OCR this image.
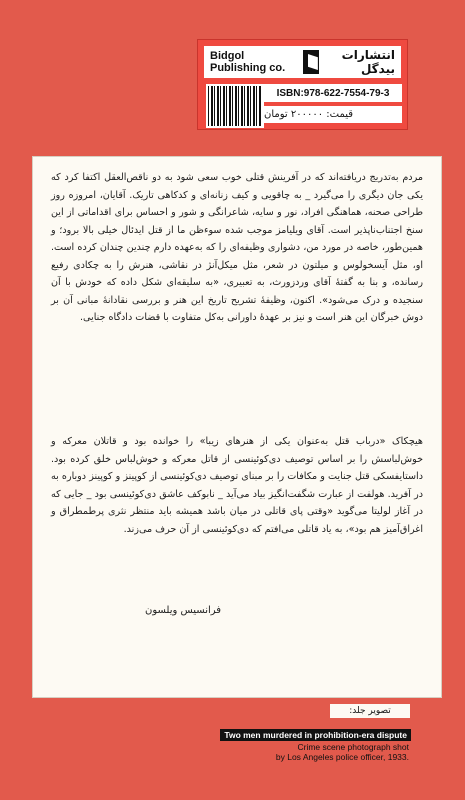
Bidgol Publishing co.
انتشارات بیدگل
ISBN:978-622-7554-79-3
قیمت: ۲۰۰۰۰۰ تومان
مردم به‌تدریج دریافته‌اند که در آفرینش قتلی خوب سعی شود به دو ناقص‌العقل اکتفا کرد که یکی جان دیگری را می‌گیرد _ به چاقویی و کیف زنانه‌ای و کدکاهی تاریک. آقایان، امروزه روز طراحی صحنه، هماهنگی افراد، نور و سایه، شاعرانگی و شور و احساس برای اقداماتی از این سنخ اجتناب‌ناپذیر است. آقای ویلیامز موجب شده سوءظن ما از قتل ایدئال خیلی بالا برود؛ و همین‌طور، خاصه در مورد من، دشواری وظیفه‌ای را که به‌عهده دارم چندین‌ چندان کرده است. او، مثل آیسخولوس و میلتون در شعر، مثل میکل‌آنژ در نقاشی، هنرش را به چکادی رفیع رسانده، و بنا به گفتهٔ آقای وردزورث، به تعبیری، «به سلیقه‌ای شکل داده که خودش با آن سنجیده و درک می‌شود». اکنون، وظیفهٔ تشریح تاریخ این هنر و بررسی نقادانهٔ مبانی آن بر دوش خبرگان این هنر است و نیز بر عهدهٔ داورانی به‌کل متفاوت با قضات دادگاه جنایی.
هیچکاک «درباب قتل به‌عنوان یکی از هنرهای زیبا» را خوانده بود و قاتلان معرکه و خوش‌لباسش را بر اساس توصیف دی‌کوئینسی از قاتل معرکه و خوش‌لباس خلق کرده بود. داستایفسکی قتل جنایت و مکافات را بر مبنای توصیف دی‌کوئینسی از کوپینز و کوپینز دوباره به در آفرید. هولفت از عبارت شگفت‌انگیز بیاد می‌آید _ نابوکف عاشق دی‌کوئینسی بود _ جایی که در آغاز لولیتا می‌گوید «وقتی پای قاتلی در میان باشد همیشه باید منتظر نثری پرطمطراق و اغراق‌آمیز هم بود»، به یاد قاتلی می‌افتم که دی‌کوئینسی از آن حرف می‌زند.
فرانسیس ویلسون
تصویر جلد:
Two men murdered in prohibition-era dispute
Crime scene photograph shot
by Los Angeles police officer, 1933.
